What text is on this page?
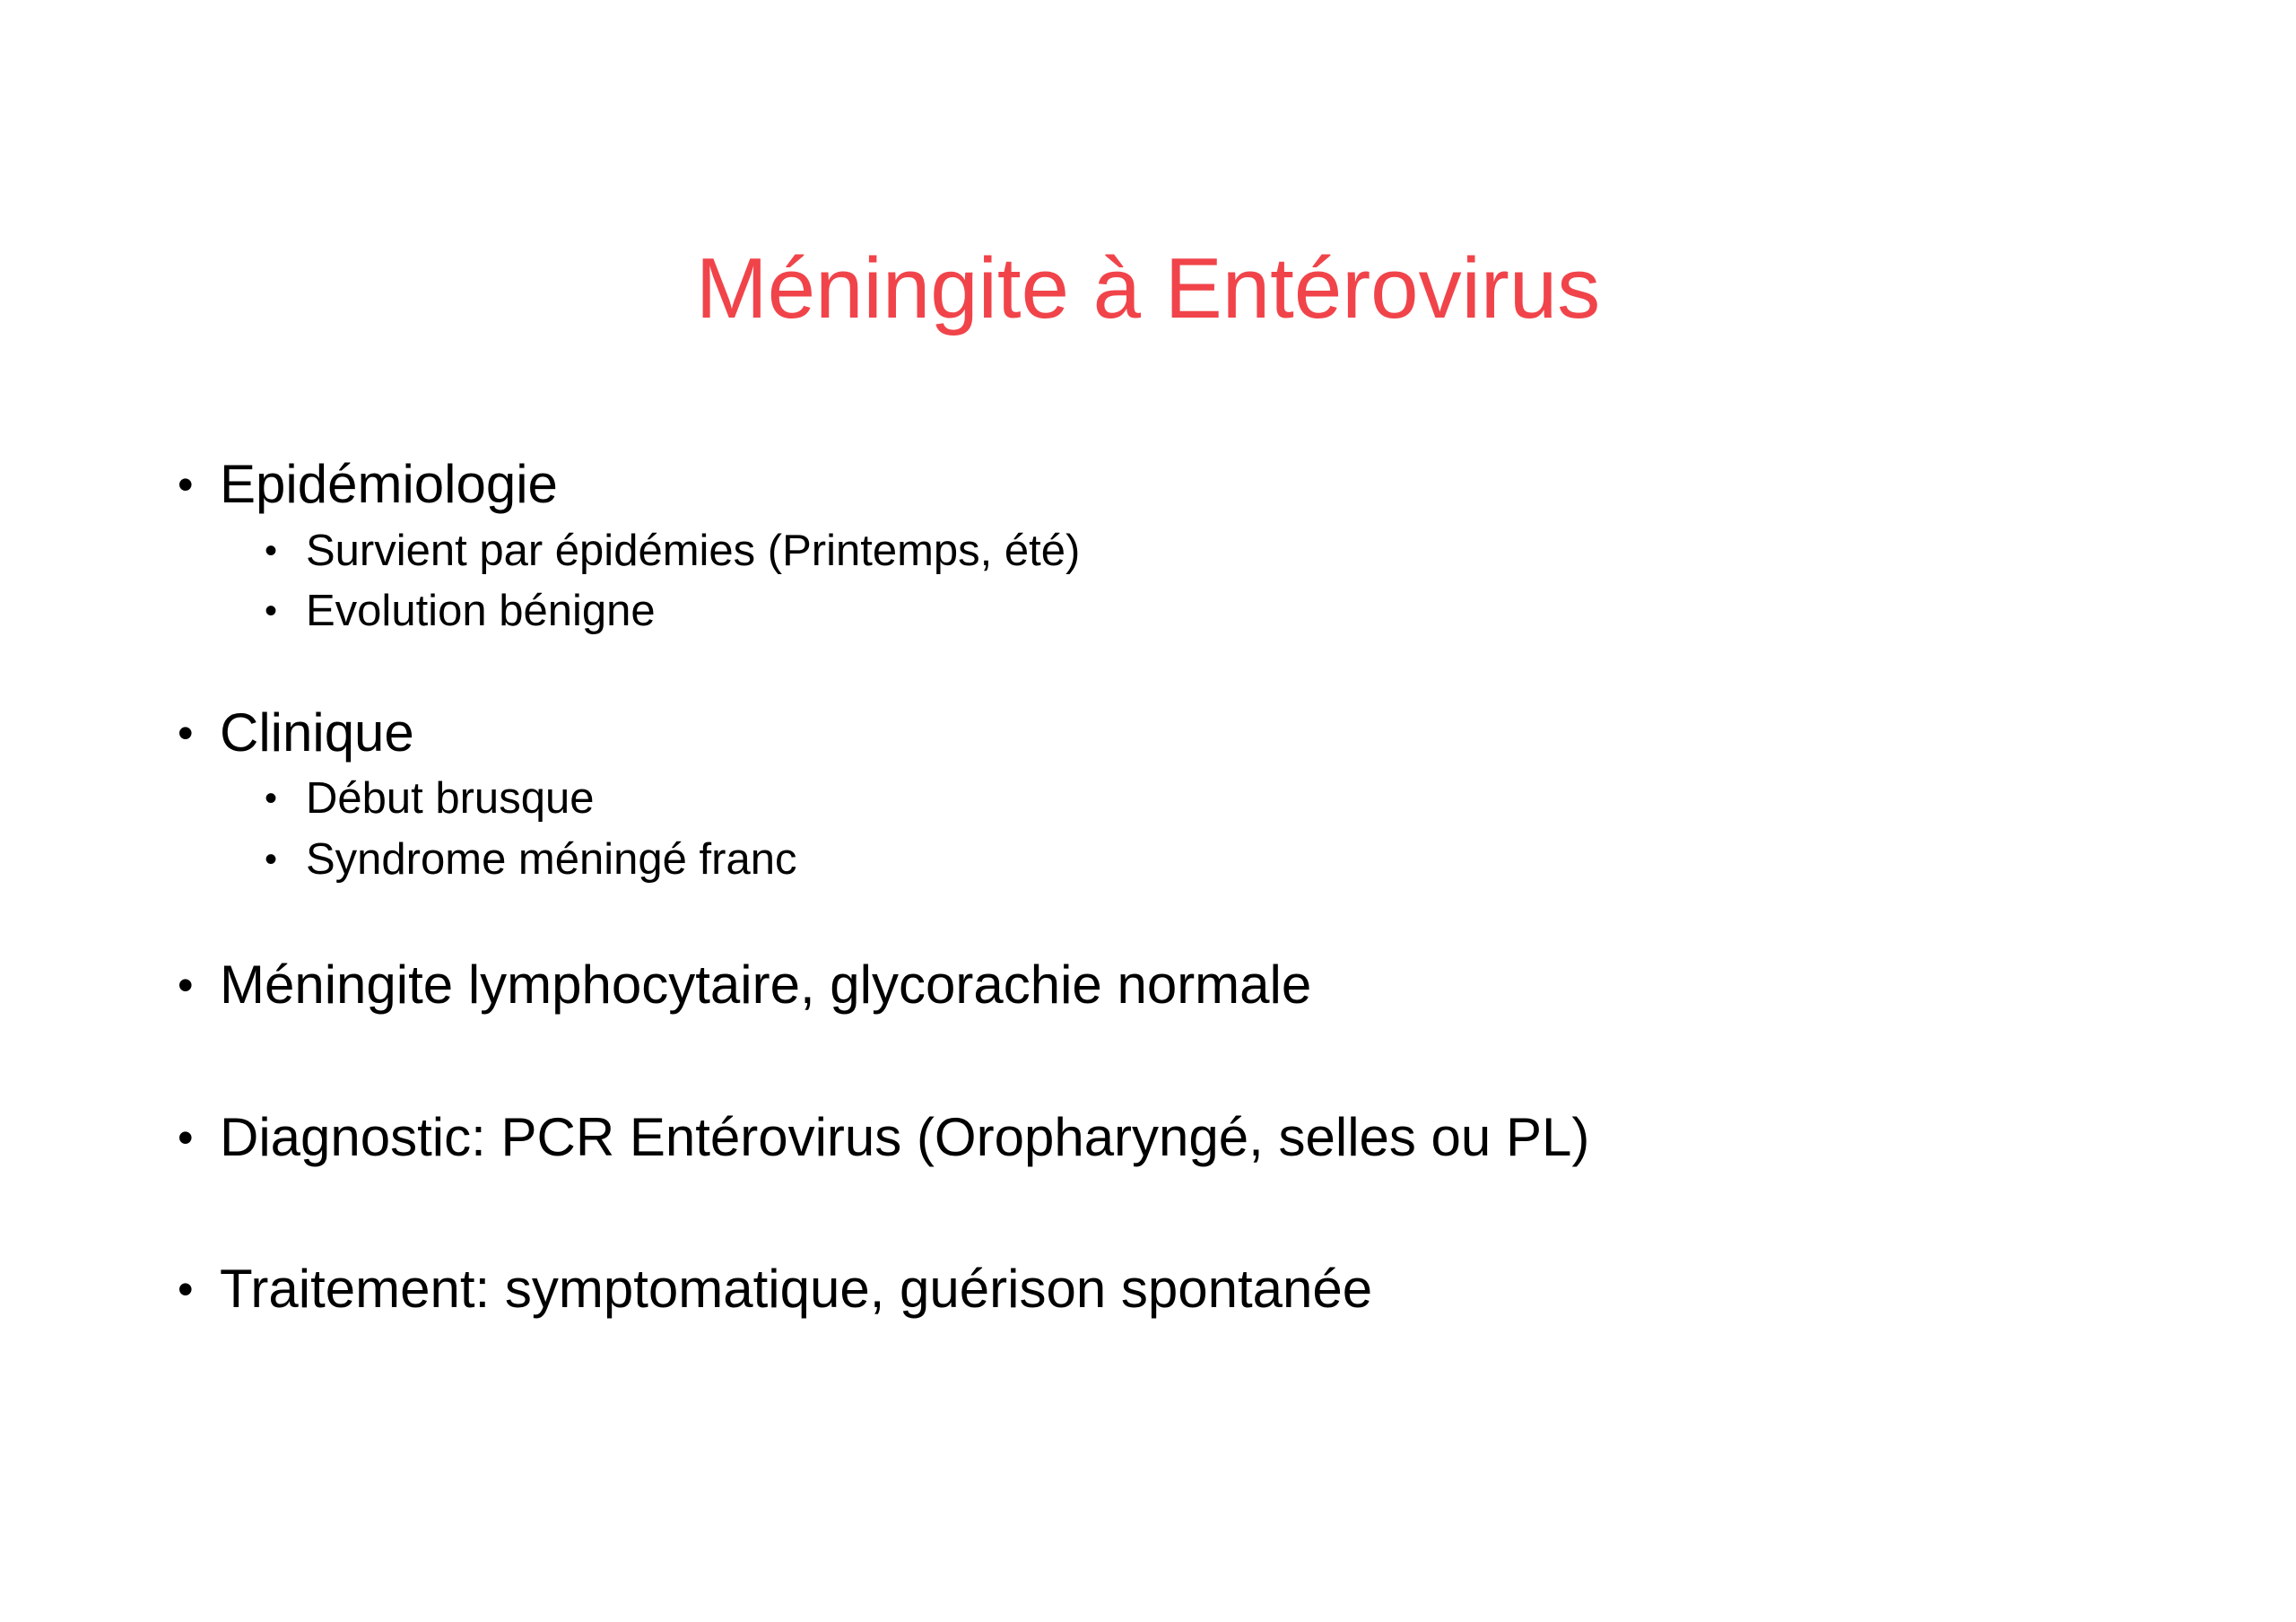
Méningite à Entérovirus
• Epidémiologie
• Survient par épidémies (Printemps, été)
• Evolution bénigne
• Clinique
• Début brusque
• Syndrome méningé franc
• Méningite lymphocytaire, glycorachie normale
• Diagnostic: PCR Entérovirus (Oropharyngé, selles ou PL)
• Traitement: symptomatique, guérison spontanée
